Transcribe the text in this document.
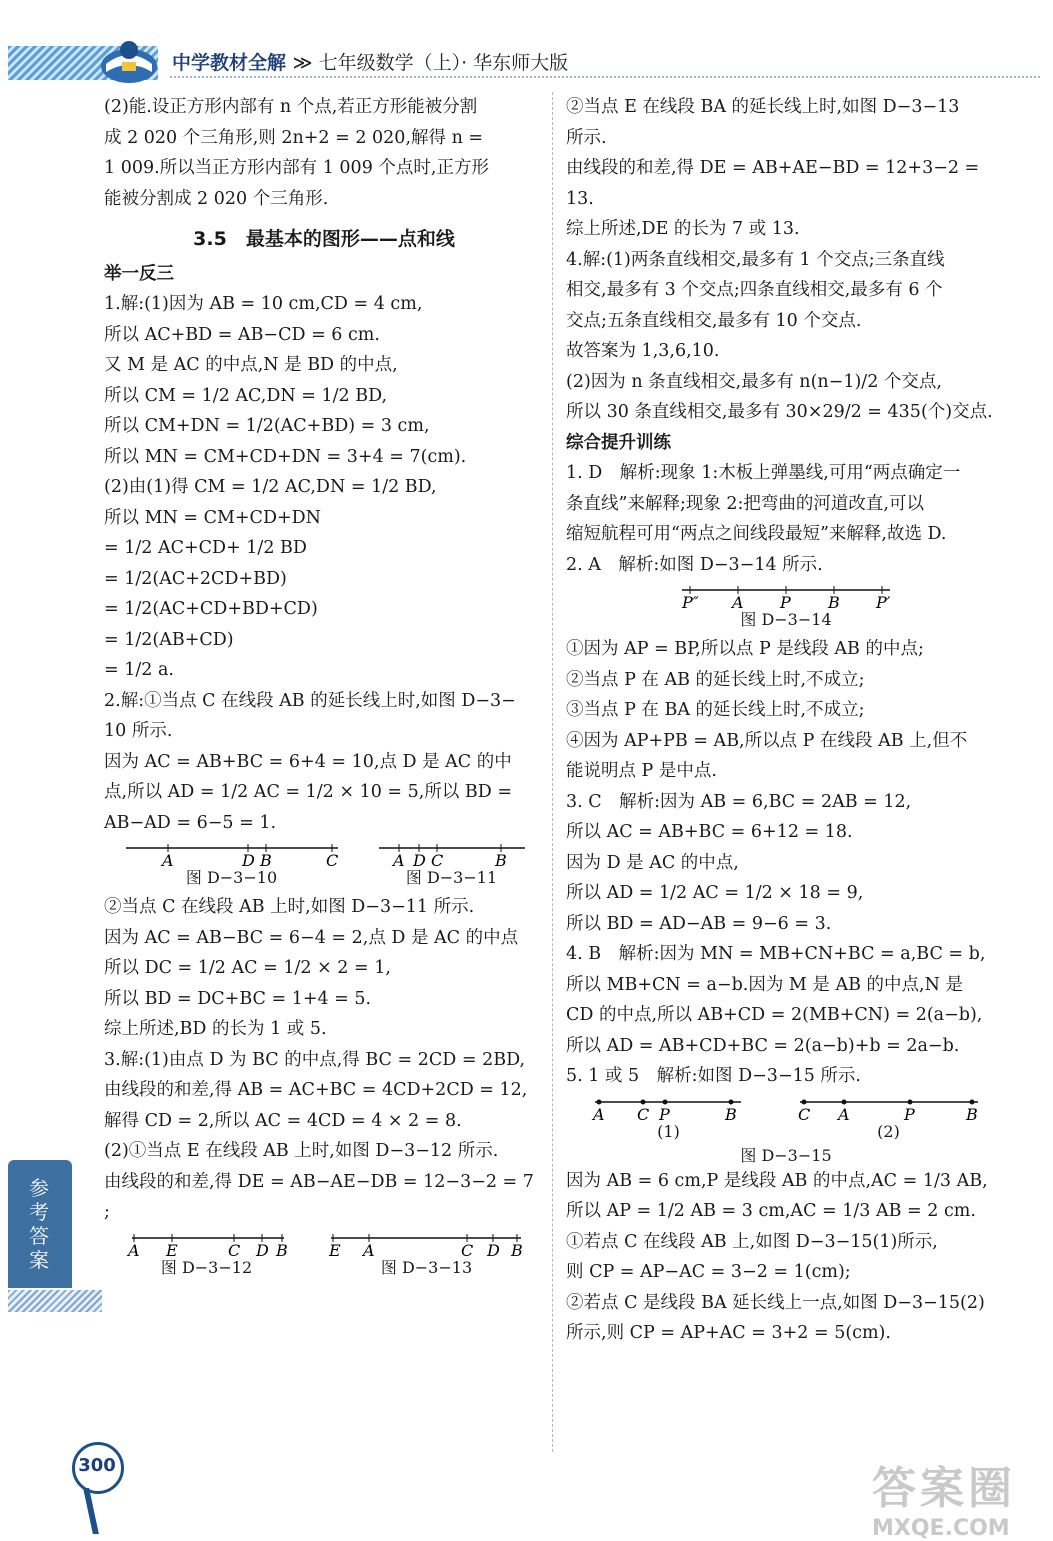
中学教材全解 ≫ 七年级数学（上）· 华东师大版
(2)能.设正方形内部有 n 个点,若正方形能被分割
成 2 020 个三角形,则 2n+2 = 2 020,解得 n =
1 009.所以当正方形内部有 1 009 个点时,正方形
能被分割成 2 020 个三角形.
3.5　最基本的图形——点和线
举一反三
1.解:(1)因为 AB = 10 cm,CD = 4 cm,
所以 AC+BD = AB−CD = 6 cm.
又 M 是 AC 的中点,N 是 BD 的中点,
所以 CM = 1/2 AC,DN = 1/2 BD,
所以 CM+DN = 1/2(AC+BD) = 3 cm,
所以 MN = CM+CD+DN = 3+4 = 7(cm).
(2)由(1)得 CM = 1/2 AC,DN = 1/2 BD,
所以 MN = CM+CD+DN
= 1/2 AC+CD+ 1/2 BD
= 1/2(AC+2CD+BD)
= 1/2(AC+CD+BD+CD)
= 1/2(AB+CD)
= 1/2 a.
2.解:①当点 C 在线段 AB 的延长线上时,如图 D−3−
10 所示.
因为 AC = AB+BC = 6+4 = 10,点 D 是 AC 的中
点,所以 AD = 1/2 AC = 1/2 × 10 = 5,所以 BD =
AB−AD = 6−5 = 1.
A	D B	C
图 D−3−10
A D C	B
图 D−3−11
②当点 C 在线段 AB 上时,如图 D−3−11 所示.
因为 AC = AB−BC = 6−4 = 2,点 D 是 AC 的中点
所以 DC = 1/2 AC = 1/2 × 2 = 1,
所以 BD = DC+BC = 1+4 = 5.
综上所述,BD 的长为 1 或 5.
3.解:(1)由点 D 为 BC 的中点,得 BC = 2CD = 2BD,
由线段的和差,得 AB = AC+BC = 4CD+2CD = 12,
解得 CD = 2,所以 AC = 4CD = 4 × 2 = 8.
(2)①当点 E 在线段 AB 上时,如图 D−3−12 所示.
由线段的和差,得 DE = AB−AE−DB = 12−3−2 = 7 ;
A E	C D B
图 D−3−12
E A	C D B
图 D−3−13
②当点 E 在线段 BA 的延长线上时,如图 D−3−13
所示.
由线段的和差,得 DE = AB+AE−BD = 12+3−2 = 13.
综上所述,DE 的长为 7 或 13.
4.解:(1)两条直线相交,最多有 1 个交点;三条直线
相交,最多有 3 个交点;四条直线相交,最多有 6 个
交点;五条直线相交,最多有 10 个交点.
故答案为 1,3,6,10.
(2)因为 n 条直线相交,最多有 n(n−1)/2 个交点,
所以 30 条直线相交,最多有 30×29/2 = 435(个)交点.
综合提升训练
1. D　解析:现象 1:木板上弹墨线,可用“两点确定一
条直线”来解释;现象 2:把弯曲的河道改直,可以
缩短航程可用“两点之间线段最短”来解释,故选 D.
2. A　解析:如图 D−3−14 所示.
P″ A P B P′
图 D−3−14
①因为 AP = BP,所以点 P 是线段 AB 的中点;
②当点 P 在 AB 的延长线上时,不成立;
③当点 P 在 BA 的延长线上时,不成立;
④因为 AP+PB = AB,所以点 P 在线段 AB 上,但不
能说明点 P 是中点.
3. C　解析:因为 AB = 6,BC = 2AB = 12,
所以 AC = AB+BC = 6+12 = 18.
因为 D 是 AC 的中点,
所以 AD = 1/2 AC = 1/2 × 18 = 9,
所以 BD = AD−AB = 9−6 = 3.
4. B　解析:因为 MN = MB+CN+BC = a,BC = b,
所以 MB+CN = a−b.因为 M 是 AB 的中点,N 是
CD 的中点,所以 AB+CD = 2(MB+CN) = 2(a−b),
所以 AD = AB+CD+BC = 2(a−b)+b = 2a−b.
5. 1 或 5　解析:如图 D−3−15 所示.
A C P	B
(1)
C A	P	B
(2)
图 D−3−15
因为 AB = 6 cm,P 是线段 AB 的中点,AC = 1/3 AB,
所以 AP = 1/2 AB = 3 cm,AC = 1/3 AB = 2 cm.
①若点 C 在线段 AB 上,如图 D−3−15(1)所示,
则 CP = AP−AC = 3−2 = 1(cm);
②若点 C 是线段 BA 延长线上一点,如图 D−3−15(2)
所示,则 CP = AP+AC = 3+2 = 5(cm).
参考答案
300	答案圈
MXQE.COM
